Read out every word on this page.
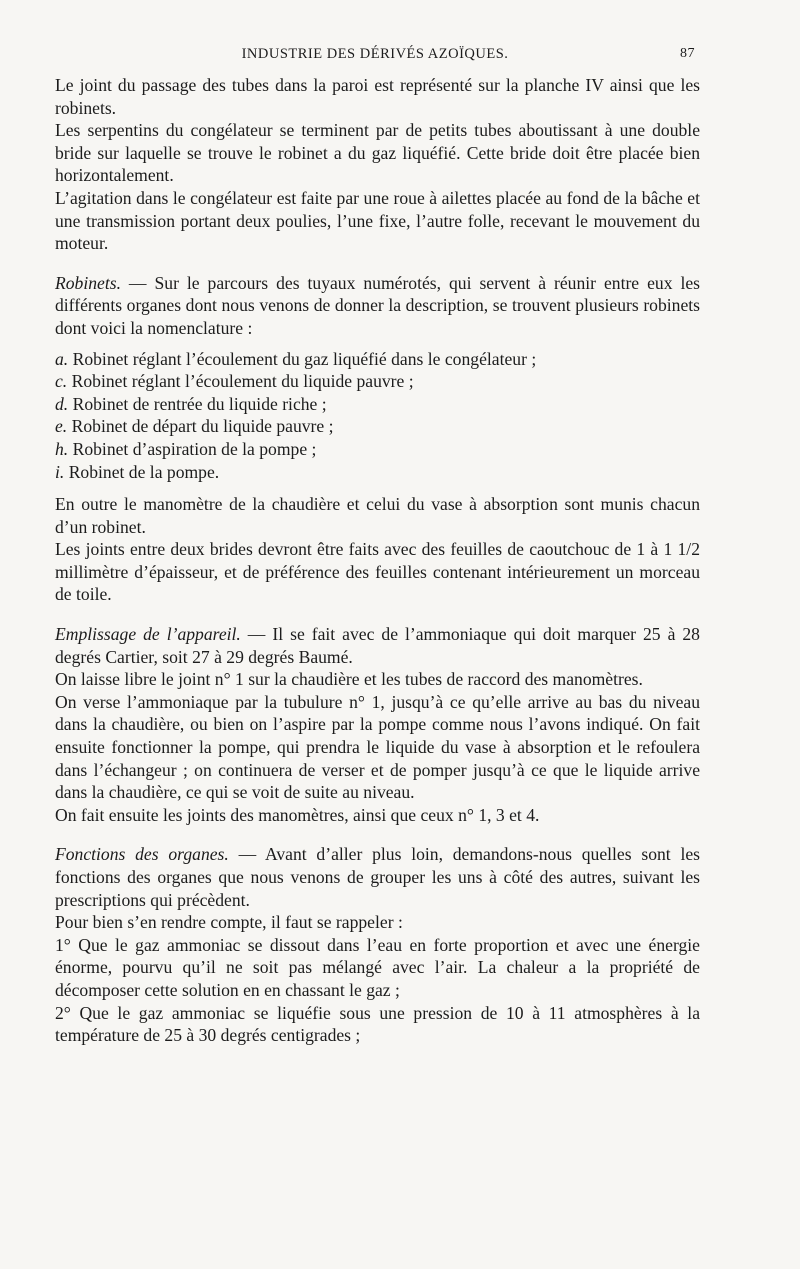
INDUSTRIE DES DÉRIVÉS AZOÏQUES.	87

Le joint du passage des tubes dans la paroi est représenté sur la planche IV ainsi que les robinets.

Les serpentins du congélateur se terminent par de petits tubes aboutissant à une double bride sur laquelle se trouve le robinet a du gaz liquéfié. Cette bride doit être placée bien horizontalement.

L’agitation dans le congélateur est faite par une roue à ailettes placée au fond de la bâche et une transmission portant deux poulies, l’une fixe, l’autre folle, recevant le mouvement du moteur.

Robinets. — Sur le parcours des tuyaux numérotés, qui servent à réunir entre eux les différents organes dont nous venons de donner la description, se trouvent plusieurs robinets dont voici la nomenclature :

a. Robinet réglant l’écoulement du gaz liquéfié dans le congélateur ;

c. Robinet réglant l’écoulement du liquide pauvre ;

d. Robinet de rentrée du liquide riche ;

e. Robinet de départ du liquide pauvre ;

h. Robinet d’aspiration de la pompe ;

i. Robinet de la pompe.

En outre le manomètre de la chaudière et celui du vase à absorption sont munis chacun d’un robinet.

Les joints entre deux brides devront être faits avec des feuilles de caoutchouc de 1 à 1 1/2 millimètre d’épaisseur, et de préférence des feuilles contenant intérieurement un morceau de toile.

Emplissage de l’appareil. — Il se fait avec de l’ammoniaque qui doit marquer 25 à 28 degrés Cartier, soit 27 à 29 degrés Baumé.

On laisse libre le joint n° 1 sur la chaudière et les tubes de raccord des manomètres.

On verse l’ammoniaque par la tubulure n° 1, jusqu’à ce qu’elle arrive au bas du niveau dans la chaudière, ou bien on l’aspire par la pompe comme nous l’avons indiqué. On fait ensuite fonctionner la pompe, qui prendra le liquide du vase à absorption et le refoulera dans l’échangeur ; on continuera de verser et de pomper jusqu’à ce que le liquide arrive dans la chaudière, ce qui se voit de suite au niveau.

On fait ensuite les joints des manomètres, ainsi que ceux n° 1, 3 et 4.

Fonctions des organes. — Avant d’aller plus loin, demandons-nous quelles sont les fonctions des organes que nous venons de grouper les uns à côté des autres, suivant les prescriptions qui précèdent.

Pour bien s’en rendre compte, il faut se rappeler :

1° Que le gaz ammoniac se dissout dans l’eau en forte proportion et avec une énergie énorme, pourvu qu’il ne soit pas mélangé avec l’air. La chaleur a la propriété de décomposer cette solution en en chassant le gaz ;

2° Que le gaz ammoniac se liquéfie sous une pression de 10 à 11 atmosphères à la température de 25 à 30 degrés centigrades ;
